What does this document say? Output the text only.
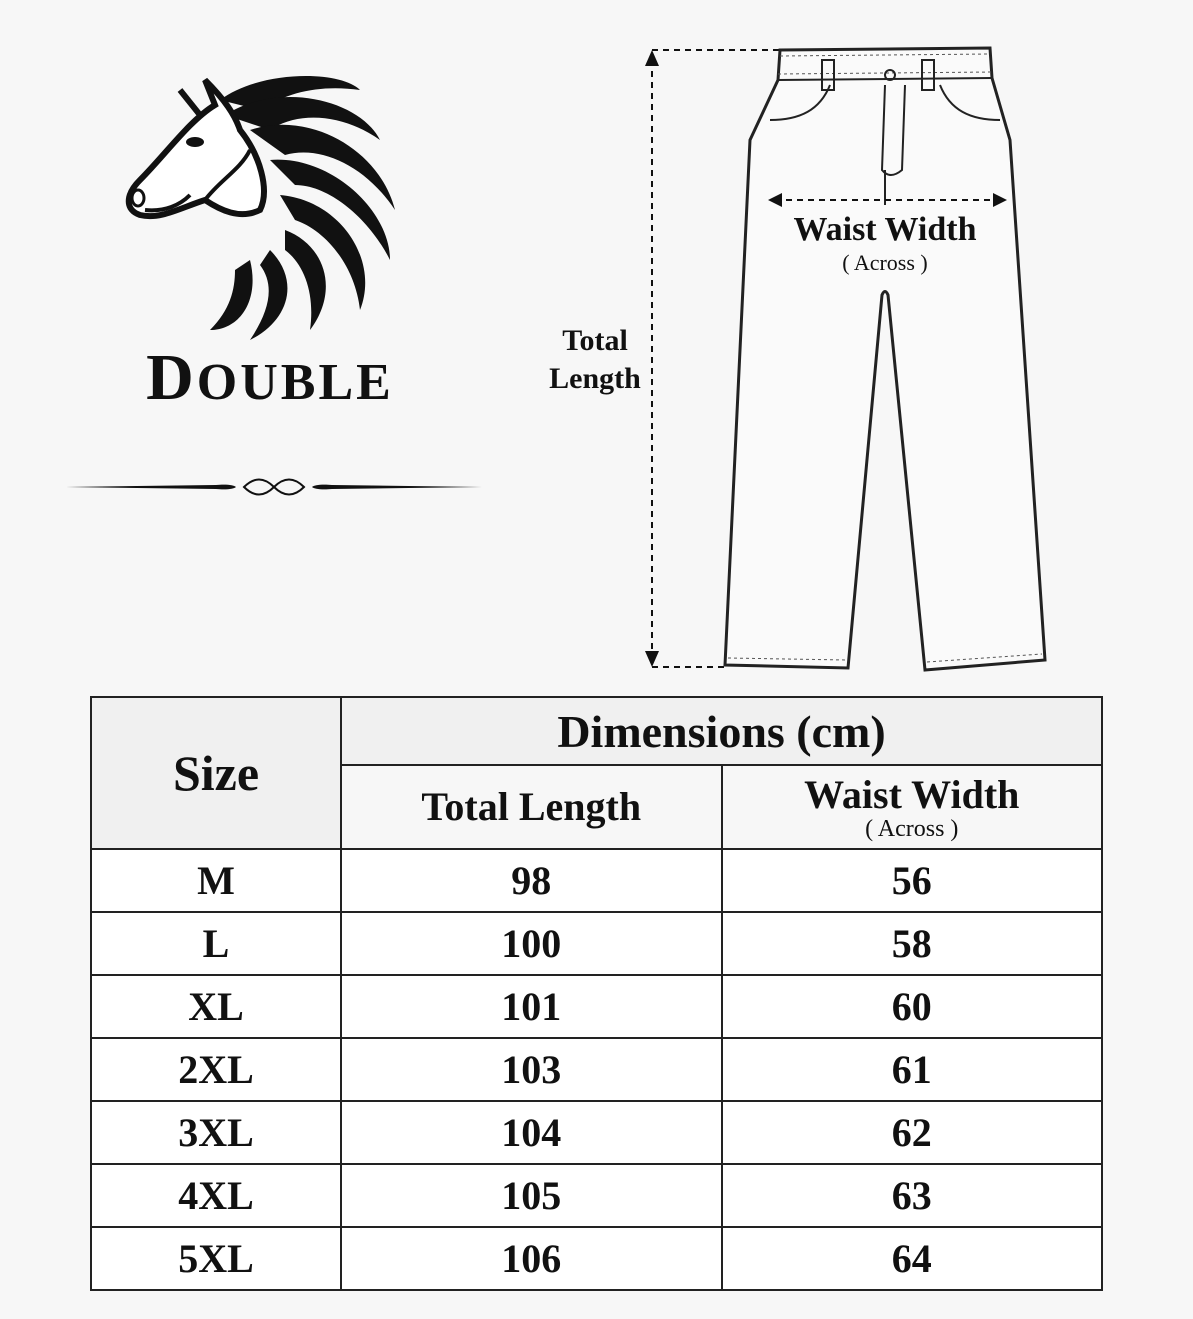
DOUBLE
Total
Length
Waist Width
( Across )
Size	Dimensions (cm)	

	Total Length	Waist Width
( Across )

M	98	56
L	100	58
XL	101	60
2XL	103	61
3XL	104	62
4XL	105	63
5XL	106	64
